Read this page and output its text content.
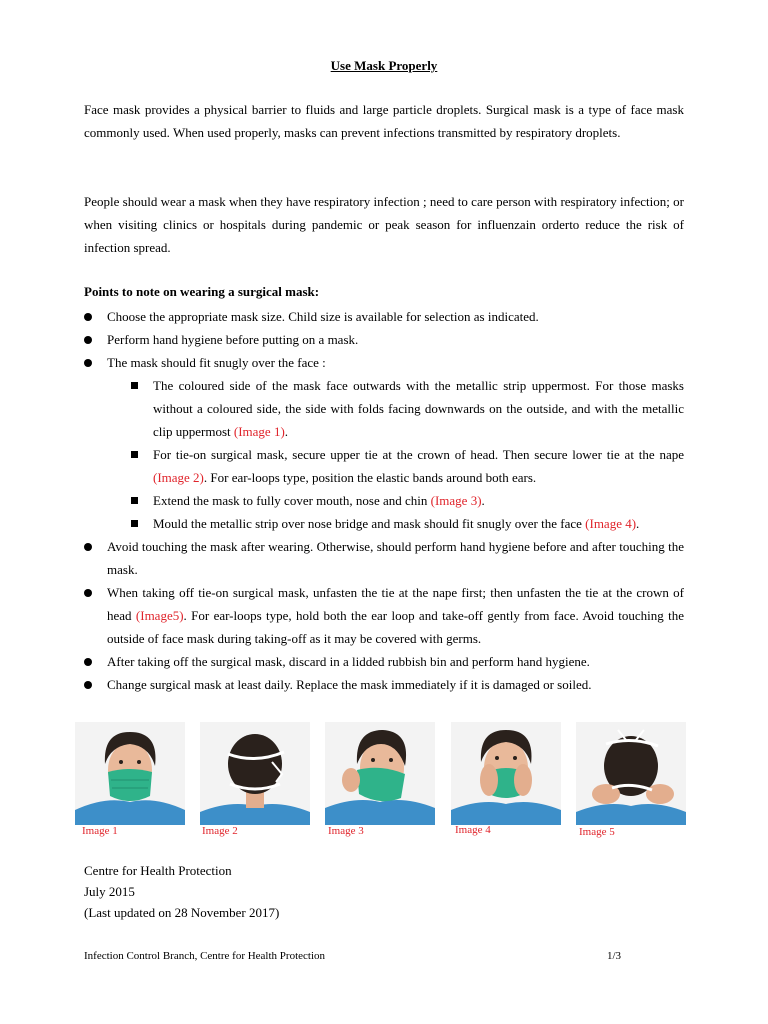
Use Mask Properly

Face mask provides a physical barrier to fluids and large particle droplets. Surgical mask is a type of face mask commonly used. When used properly, masks can prevent infections transmitted by respiratory droplets.

People should wear a mask when they have respiratory infection ; need to care person with respiratory infection; or when visiting clinics or hospitals during pandemic or peak season for influenzain orderto reduce the risk of infection spread.

Points to note on wearing a surgical mask:
Choose the appropriate mask size. Child size is available for selection as indicated.
Perform hand hygiene before putting on a mask.
The mask should fit snugly over the face :
The coloured side of the mask face outwards with the metallic strip uppermost. For those masks without a coloured side, the side with folds facing downwards on the outside, and with the metallic clip uppermost (Image 1).
For tie-on surgical mask, secure upper tie at the crown of head. Then secure lower tie at the nape (Image 2). For ear-loops type, position the elastic bands around both ears.
Extend the mask to fully cover mouth, nose and chin (Image 3).
Mould the metallic strip over nose bridge and mask should fit snugly over the face (Image 4).
Avoid touching the mask after wearing. Otherwise, should perform hand hygiene before and after touching the mask.
When taking off tie-on surgical mask, unfasten the tie at the nape first; then unfasten the tie at the crown of head (Image5). For ear-loops type, hold both the ear loop and take-off gently from face. Avoid touching the outside of face mask during taking-off as it may be covered with germs.
After taking off the surgical mask, discard in a lidded rubbish bin and perform hand hygiene.
Change surgical mask at least daily. Replace the mask immediately if it is damaged or soiled.
Image 1	Image 2	Image 3	Image 4	Image 5
Centre for Health Protection
July 2015
(Last updated on 28 November 2017)
Infection Control Branch, Centre for Health Protection	1/3
